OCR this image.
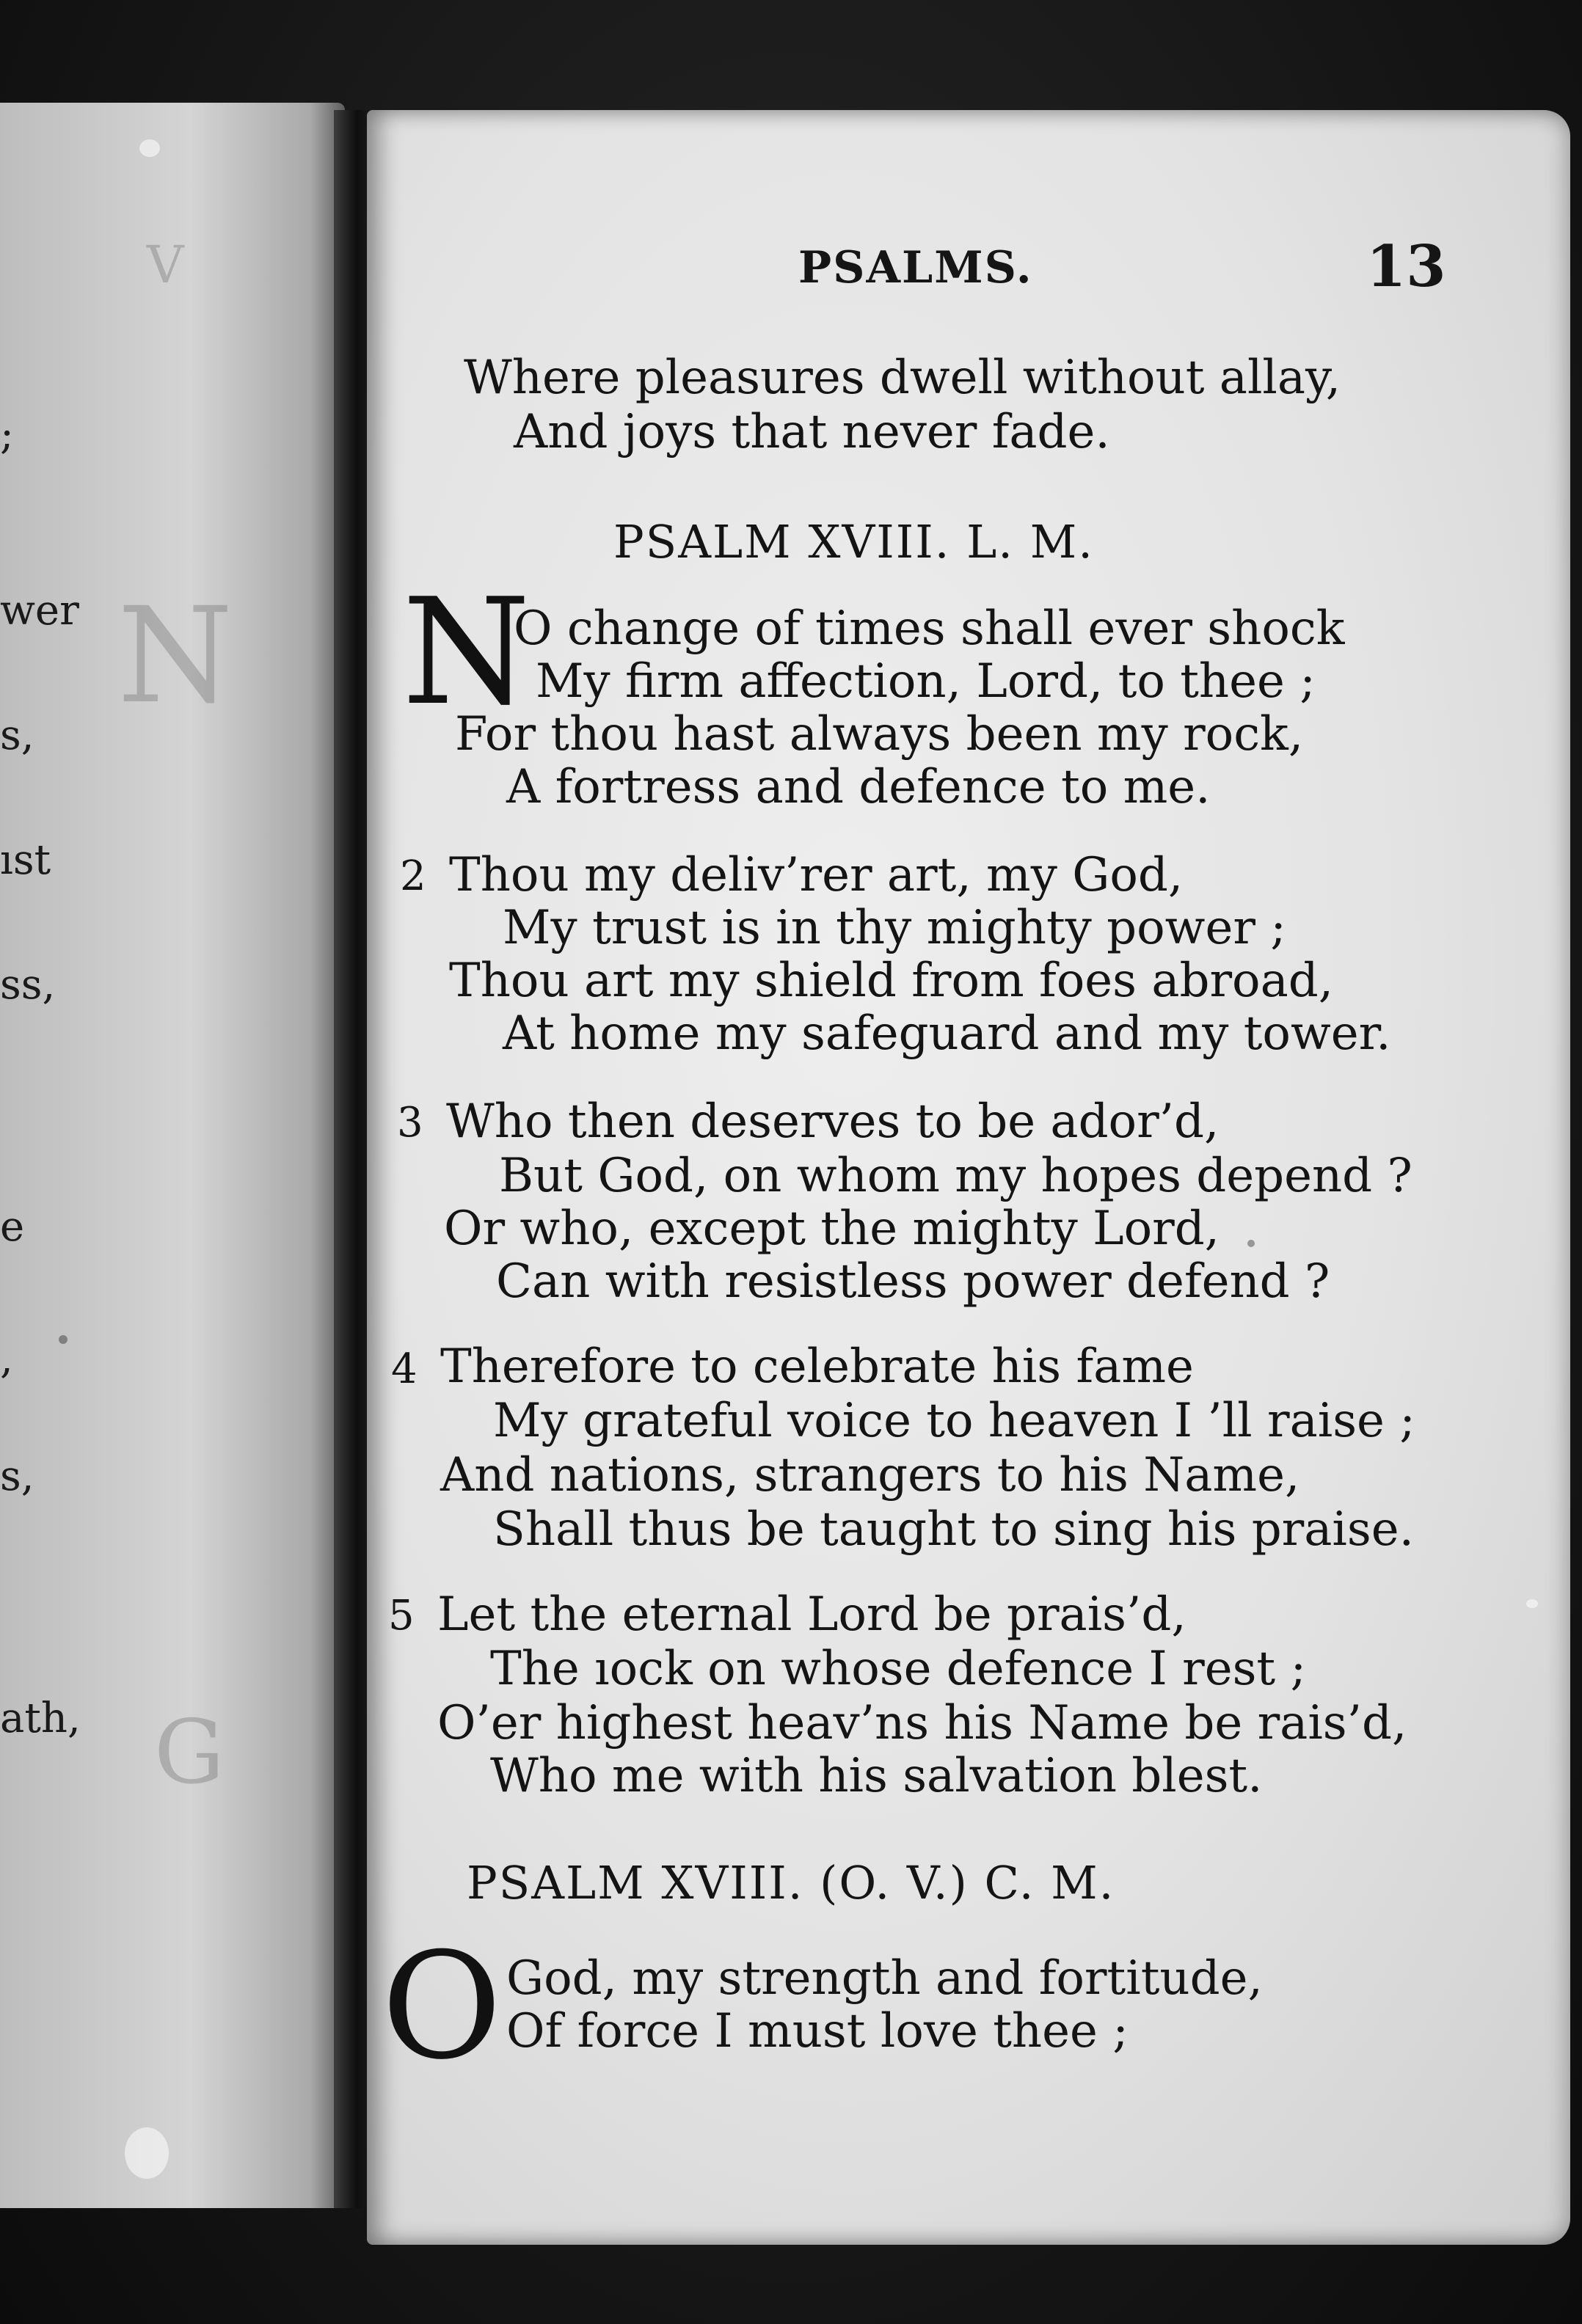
V
N
G
;
wer
s,
ıst
ss,
e
,
s,
ath,
PSALMS.	13
Where pleasures dwell without allay,
And joys that never fade.
PSALM XVIII. L. M.
N
O change of times shall ever shock
My firm affection, Lord, to thee ;
For thou hast always been my rock,
A fortress and defence to me.
2 Thou my deliv’rer art, my God,
My trust is in thy mighty power ;
Thou art my shield from foes abroad,
At home my safeguard and my tower.
3 Who then deserves to be ador’d,
But God, on whom my hopes depend ?
Or who, except the mighty Lord,
Can with resistless power defend ?
4 Therefore to celebrate his fame
My grateful voice to heaven I ’ll raise ;
And nations, strangers to his Name,
Shall thus be taught to sing his praise.
5 Let the eternal Lord be prais’d,
The ıock on whose defence I rest ;
O’er highest heav’ns his Name be rais’d,
Who me with his salvation blest.
PSALM XVIII. (O. V.) C. M.
O God, my strength and fortitude,
Of force I must love thee ;
